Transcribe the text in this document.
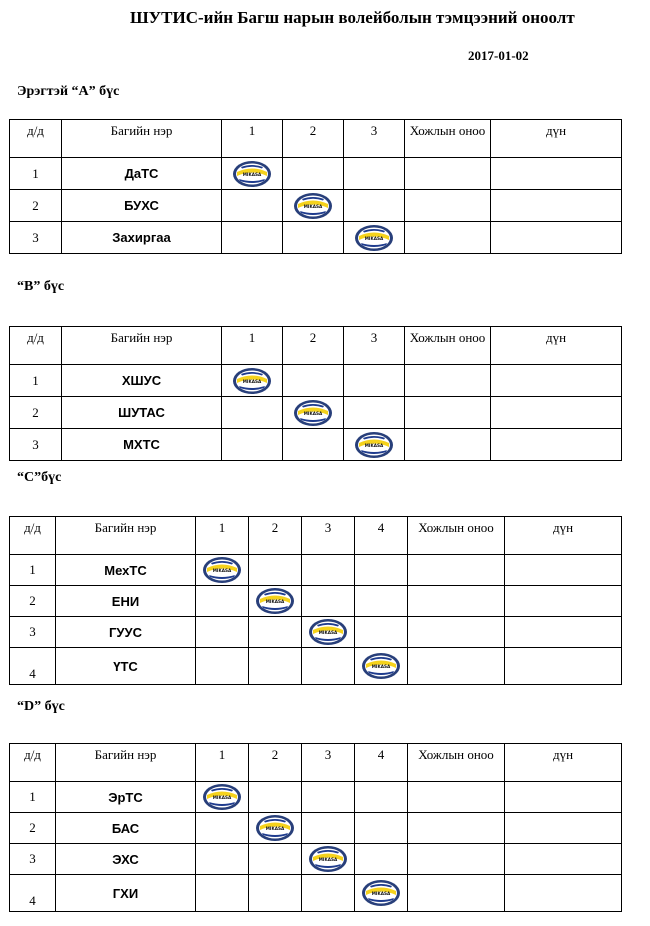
ШУТИС-ийн Багш нарын волейболын тэмцээний оноолт
2017-01-02
Эрэгтэй “А” бүс
д/д	Багийн нэр	1	2	3	Хожлын оноо	дүн
1	ДаТС	MIKASA				

2	БУХС		MIKASA			

3	Захиргаа			MIKASA		

“В” бүс
д/д	Багийн нэр	1	2	3	Хожлын оноо	дүн
1	ХШУС	MIKASA				

2	ШУТАС		MIKASA			

3	МХТС			MIKASA		

“С”бүс
д/д	Багийн нэр	1	2	3	4	Хожлын оноо	дүн
1	МехТС	MIKASA					

2	ЕНИ		MIKASA				

3	ГУУС			MIKASA			

4	ҮТС				MIKASA		

“D” бүс
д/д	Багийн нэр	1	2	3	4	Хожлын оноо	дүн
1	ЭрТС	MIKASA					

2	БАС		MIKASA				

3	ЭХС			MIKASA			

4	ГХИ				MIKASA		
